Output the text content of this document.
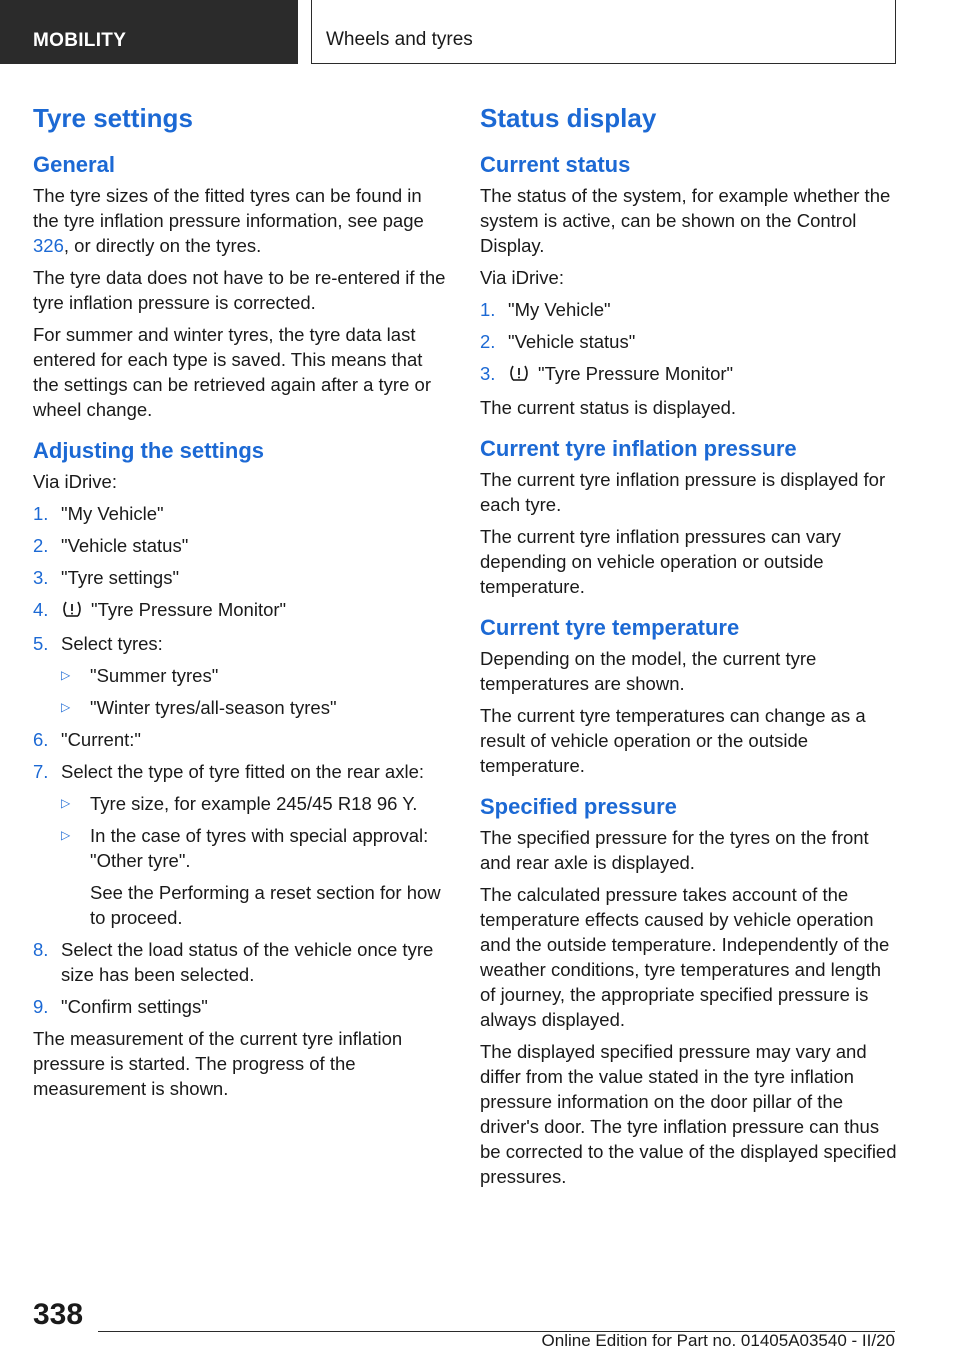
MOBILITY	Wheels and tyres
Tyre settings
General

The tyre sizes of the fitted tyres can be found in the tyre inflation pressure information, see page 326, or directly on the tyres.

The tyre data does not have to be re-entered if the tyre inflation pressure is corrected.

For summer and winter tyres, the tyre data last entered for each type is saved. This means that the settings can be retrieved again after a tyre or wheel change.

Adjusting the settings

Via iDrive:

1. "My Vehicle"
2. "Vehicle status"
3. "Tyre settings"
4. "Tyre Pressure Monitor"
5. Select tyres:
▷ "Summer tyres"
▷ "Winter tyres/all-season tyres"
6. "Current:"
7. Select the type of tyre fitted on the rear axle:
▷ Tyre size, for example 245/45 R18 96 Y.
▷ In the case of tyres with special approval: "Other tyre".
See the Performing a reset section for how to proceed.
8. Select the load status of the vehicle once tyre size has been selected.
9. "Confirm settings"

The measurement of the current tyre inflation pressure is started. The progress of the measurement is shown.

Status display
Current status

The status of the system, for example whether the system is active, can be shown on the Control Display.

Via iDrive:

1. "My Vehicle"
2. "Vehicle status"
3. "Tyre Pressure Monitor"

The current status is displayed.

Current tyre inflation pressure

The current tyre inflation pressure is displayed for each tyre.

The current tyre inflation pressures can vary depending on vehicle operation or outside temperature.

Current tyre temperature

Depending on the model, the current tyre temperatures are shown.

The current tyre temperatures can change as a result of vehicle operation or the outside temperature.

Specified pressure

The specified pressure for the tyres on the front and rear axle is displayed.

The calculated pressure takes account of the temperature effects caused by vehicle operation and the outside temperature. Independently of the weather conditions, tyre temperatures and length of journey, the appropriate specified pressure is always displayed.

The displayed specified pressure may vary and differ from the value stated in the tyre inflation pressure information on the door pillar of the driver's door. The tyre inflation pressure can thus be corrected to the value of the displayed specified pressures.

338
Online Edition for Part no. 01405A03540 - II/20
